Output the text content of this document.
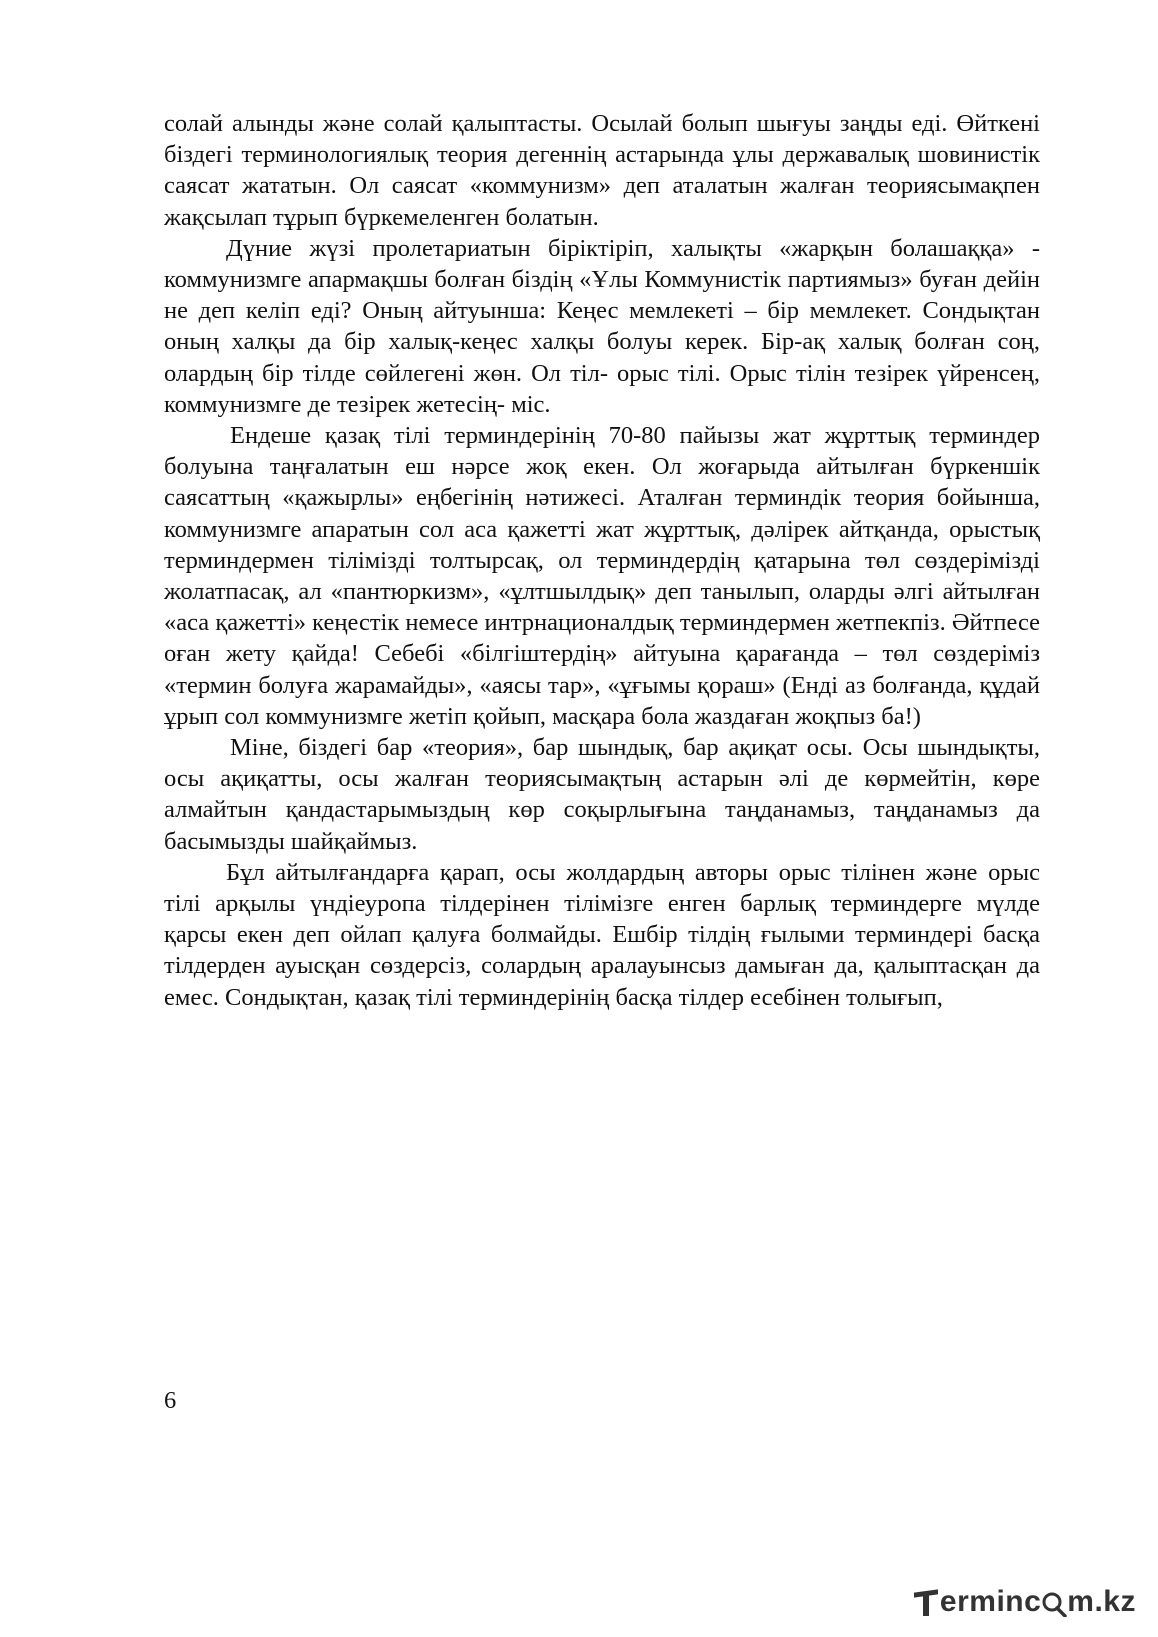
солай алынды және солай қалыптасты. Осылай болып шығуы заңды еді. Өйткені біздегі терминологиялық теория дегеннің астарында ұлы державалық шовинистік саясат жататын. Ол саясат «коммунизм» деп аталатын жалған теориясымақпен жақсылап тұрып бүркемеленген болатын.

Дүние жүзі пролетариатын біріктіріп, халықты «жарқын болашаққа» - коммунизмге апармақшы болған біздің «Ұлы Коммунистік партиямыз» буған дейін не деп келіп еді? Оның айтуынша: Кеңес мемлекеті – бір мемлекет. Сондықтан оның халқы да бір халық-кеңес халқы болуы керек. Бір-ақ халық болған соң, олардың бір тілде сөйлегені жөн. Ол тіл- орыс тілі. Орыс тілін тезірек үйренсең, коммунизмге де тезірек жетесің- міс.

Ендеше қазақ тілі терминдерінің 70-80 пайызы жат жұрттық терминдер болуына таңғалатын еш нәрсе жоқ екен. Ол жоғарыда айтылған бүркеншік саясаттың «қажырлы» еңбегінің нәтижесі. Аталған терминдік теория бойынша, коммунизмге апаратын сол аса қажетті жат жұрттық, дәлірек айтқанда, орыстық терминдермен тілімізді толтырсақ, ол терминдердің қатарына төл сөздерімізді жолатпасақ, ал «пантюркизм», «ұлтшылдық» деп танылып, оларды әлгі айтылған «аса қажетті» кеңестік немесе интрнационалдық терминдермен жетпекпіз. Әйтпесе оған жету қайда! Себебі «білгіштердің» айтуына қарағанда – төл сөздеріміз «термин болуға жарамайды», «аясы тар», «ұғымы қораш» (Енді аз болғанда, құдай ұрып сол коммунизмге жетіп қойып, масқара бола жаздаған жоқпыз ба!)

Міне, біздегі бар «теория», бар шындық, бар ақиқат осы. Осы шындықты, осы ақиқатты, осы жалған теориясымақтың астарын әлі де көрмейтін, көре алмайтын қандастарымыздың көр соқырлығына таңданамыз, таңданамыз да басымызды шайқаймыз.

Бұл айтылғандарға қарап, осы жолдардың авторы орыс тілінен және орыс тілі арқылы үндіеуропа тілдерінен тілімізге енген барлық терминдерге мүлде қарсы екен деп ойлап қалуға болмайды. Ешбір тілдің ғылыми терминдері басқа тілдерден ауысқан сөздерсіз, солардың аралауынсыз дамыған да, қалыптасқан да емес. Сондықтан, қазақ тілі терминдерінің басқа тілдер есебінен толығып,

6
ermin c m.kz
